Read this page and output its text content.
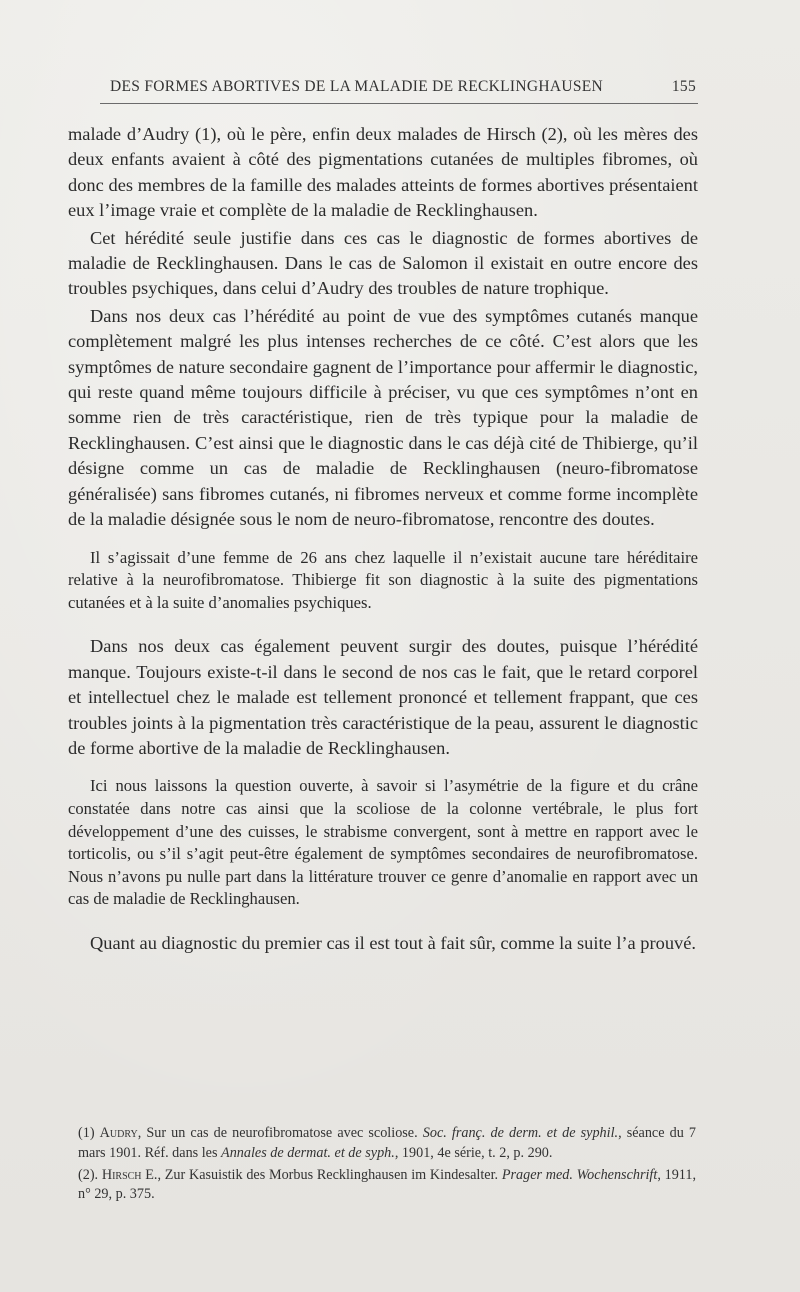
DES FORMES ABORTIVES DE LA MALADIE DE RECKLINGHAUSEN	155

malade d’Audry (1), où le père, enfin deux malades de Hirsch (2), où les mères des deux enfants avaient à côté des pigmentations cutanées de multiples fibromes, où donc des membres de la famille des malades atteints de formes abortives présentaient eux l’image vraie et complète de la maladie de Recklinghausen.

Cet hérédité seule justifie dans ces cas le diagnostic de formes abortives de maladie de Recklinghausen. Dans le cas de Salomon il existait en outre encore des troubles psychiques, dans celui d’Audry des troubles de nature trophique.

Dans nos deux cas l’hérédité au point de vue des symptômes cutanés manque complètement malgré les plus intenses recherches de ce côté. C’est alors que les symptômes de nature secondaire gagnent de l’importance pour affermir le diagnostic, qui reste quand même toujours difficile à préciser, vu que ces symptômes n’ont en somme rien de très caractéristique, rien de très typique pour la maladie de Recklinghausen. C’est ainsi que le diagnostic dans le cas déjà cité de Thibierge, qu’il désigne comme un cas de maladie de Recklinghausen (neuro-fibromatose généralisée) sans fibromes cutanés, ni fibromes nerveux et comme forme incomplète de la maladie désignée sous le nom de neuro-fibromatose, rencontre des doutes.

Il s’agissait d’une femme de 26 ans chez laquelle il n’existait aucune tare héréditaire relative à la neurofibromatose. Thibierge fit son diagnostic à la suite des pigmentations cutanées et à la suite d’anomalies psychiques.

Dans nos deux cas également peuvent surgir des doutes, puisque l’hérédité manque. Toujours existe-t-il dans le second de nos cas le fait, que le retard corporel et intellectuel chez le malade est tellement prononcé et tellement frappant, que ces troubles joints à la pigmentation très caractéristique de la peau, assurent le diagnostic de forme abortive de la maladie de Recklinghausen.

Ici nous laissons la question ouverte, à savoir si l’asymétrie de la figure et du crâne constatée dans notre cas ainsi que la scoliose de la colonne vertébrale, le plus fort développement d’une des cuisses, le strabisme convergent, sont à mettre en rapport avec le torticolis, ou s’il s’agit peut-être également de symptômes secondaires de neurofibromatose. Nous n’avons pu nulle part dans la littérature trouver ce genre d’anomalie en rapport avec un cas de maladie de Recklinghausen.

Quant au diagnostic du premier cas il est tout à fait sûr, comme la suite l’a prouvé.

(1) Audry, Sur un cas de neurofibromatose avec scoliose. Soc. franç. de derm. et de syphil., séance du 7 mars 1901. Réf. dans les Annales de dermat. et de syph., 1901, 4e série, t. 2, p. 290.

(2). Hirsch E., Zur Kasuistik des Morbus Recklinghausen im Kindesalter. Prager med. Wochenschrift, 1911, n° 29, p. 375.
